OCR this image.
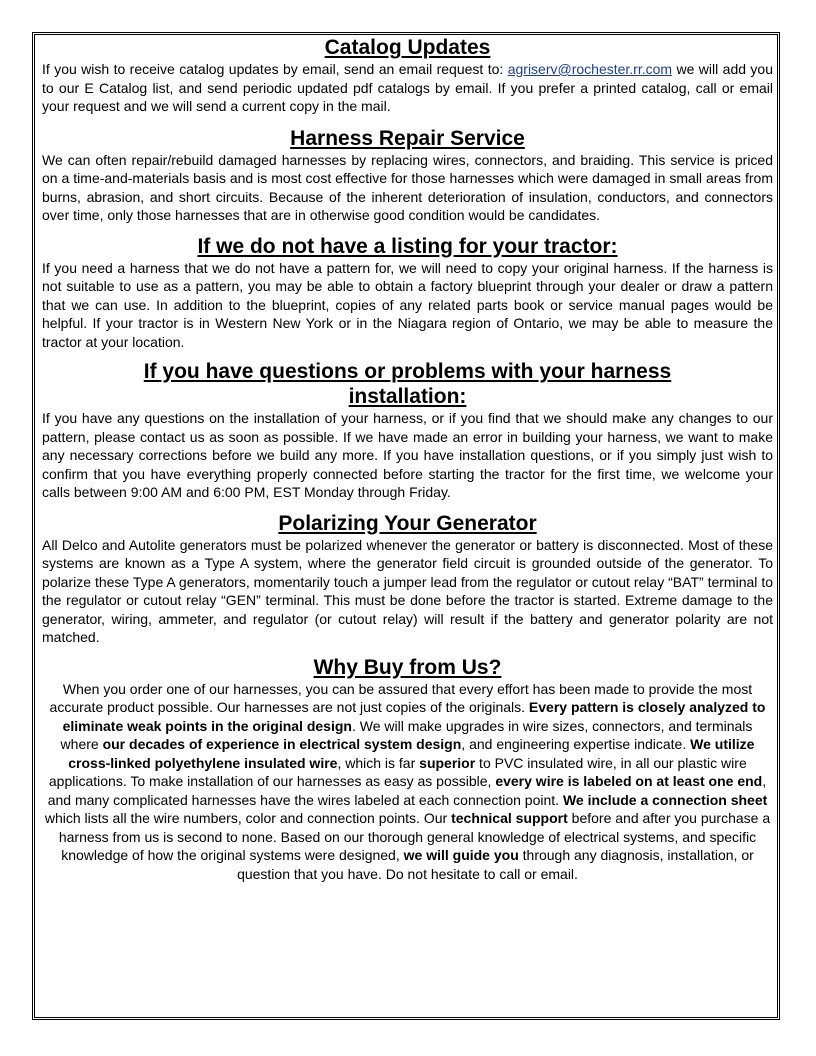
Catalog Updates

If you wish to receive catalog updates by email, send an email request to: agriserv@rochester.rr.com we will add you to our E Catalog list, and send periodic updated pdf catalogs by email. If you prefer a printed catalog, call or email your request and we will send a current copy in the mail.

Harness Repair Service

We can often repair/rebuild damaged harnesses by replacing wires, connectors, and braiding. This service is priced on a time-and-materials basis and is most cost effective for those harnesses which were damaged in small areas from burns, abrasion, and short circuits. Because of the inherent deterioration of insulation, conductors, and connectors over time, only those harnesses that are in otherwise good condition would be candidates.

If we do not have a listing for your tractor:

If you need a harness that we do not have a pattern for, we will need to copy your original harness. If the harness is not suitable to use as a pattern, you may be able to obtain a factory blueprint through your dealer or draw a pattern that we can use. In addition to the blueprint, copies of any related parts book or service manual pages would be helpful. If your tractor is in Western New York or in the Niagara region of Ontario, we may be able to measure the tractor at your location.

If you have questions or problems with your harness installation:

If you have any questions on the installation of your harness, or if you find that we should make any changes to our pattern, please contact us as soon as possible. If we have made an error in building your harness, we want to make any necessary corrections before we build any more. If you have installation questions, or if you simply just wish to confirm that you have everything properly connected before starting the tractor for the first time, we welcome your calls between 9:00 AM and 6:00 PM, EST Monday through Friday.

Polarizing Your Generator

All Delco and Autolite generators must be polarized whenever the generator or battery is disconnected. Most of these systems are known as a Type A system, where the generator field circuit is grounded outside of the generator. To polarize these Type A generators, momentarily touch a jumper lead from the regulator or cutout relay “BAT” terminal to the regulator or cutout relay “GEN” terminal. This must be done before the tractor is started. Extreme damage to the generator, wiring, ammeter, and regulator (or cutout relay) will result if the battery and generator polarity are not matched.

Why Buy from Us?

When you order one of our harnesses, you can be assured that every effort has been made to provide the most accurate product possible. Our harnesses are not just copies of the originals. Every pattern is closely analyzed to eliminate weak points in the original design. We will make upgrades in wire sizes, connectors, and terminals where our decades of experience in electrical system design, and engineering expertise indicate. We utilize cross-linked polyethylene insulated wire, which is far superior to PVC insulated wire, in all our plastic wire applications. To make installation of our harnesses as easy as possible, every wire is labeled on at least one end, and many complicated harnesses have the wires labeled at each connection point. We include a connection sheet which lists all the wire numbers, color and connection points. Our technical support before and after you purchase a harness from us is second to none. Based on our thorough general knowledge of electrical systems, and specific knowledge of how the original systems were designed, we will guide you through any diagnosis, installation, or question that you have. Do not hesitate to call or email.
